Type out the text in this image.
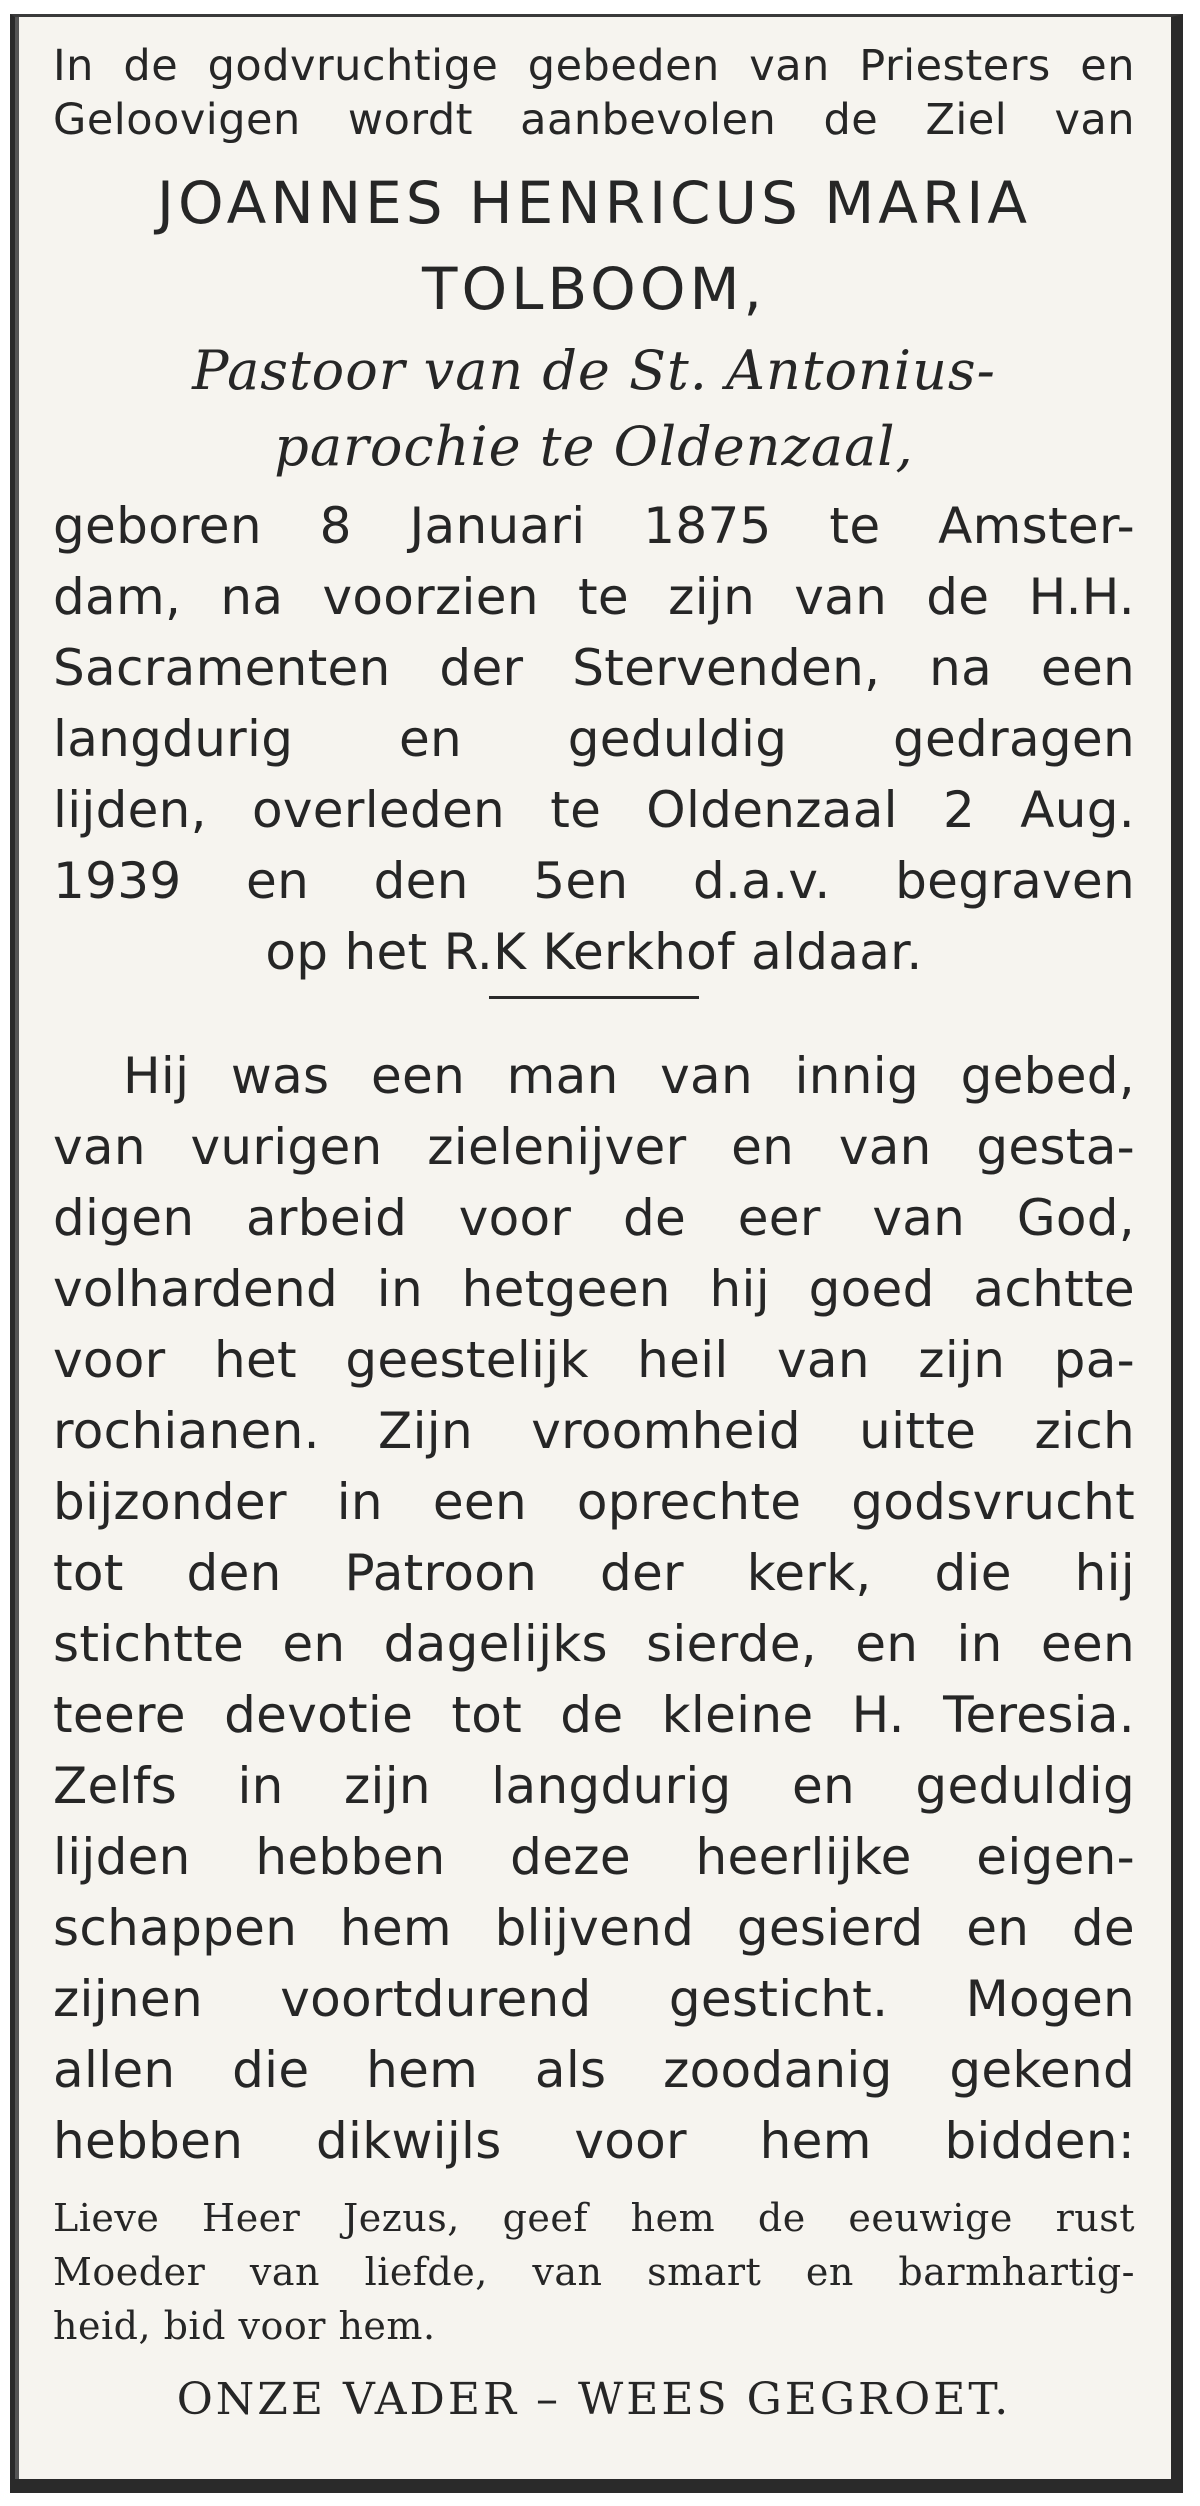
In de godvruchtige gebeden van Priesters en
Geloovigen wordt aanbevolen de Ziel van

JOANNES HENRICUS MARIA
TOLBOOM,
Pastoor van de St. Antonius-
parochie te Oldenzaal,

geboren 8 Januari 1875 te Amster-
dam, na voorzien te zijn van de H.H.
Sacramenten der Stervenden, na een
langdurig en geduldig gedragen
lijden, overleden te Oldenzaal 2 Aug.
1939 en den 5en d.a.v. begraven
op het R.K Kerkhof aldaar.

Hij was een man van innig gebed,
van vurigen zielenijver en van gesta-
digen arbeid voor de eer van God,
volhardend in hetgeen hij goed achtte
voor het geestelijk heil van zijn pa-
rochianen. Zijn vroomheid uitte zich
bijzonder in een oprechte godsvrucht
tot den Patroon der kerk, die hij
stichtte en dagelijks sierde, en in een
teere devotie tot de kleine H. Teresia.
Zelfs in zijn langdurig en geduldig
lijden hebben deze heerlijke eigen-
schappen hem blijvend gesierd en de
zijnen voortdurend gesticht. Mogen
allen die hem als zoodanig gekend
hebben dikwijls voor hem bidden:

Lieve Heer Jezus, geef hem de eeuwige rust
Moeder van liefde, van smart en barmhartig-
heid, bid voor hem.
ONZE VADER – WEES GEGROET.
